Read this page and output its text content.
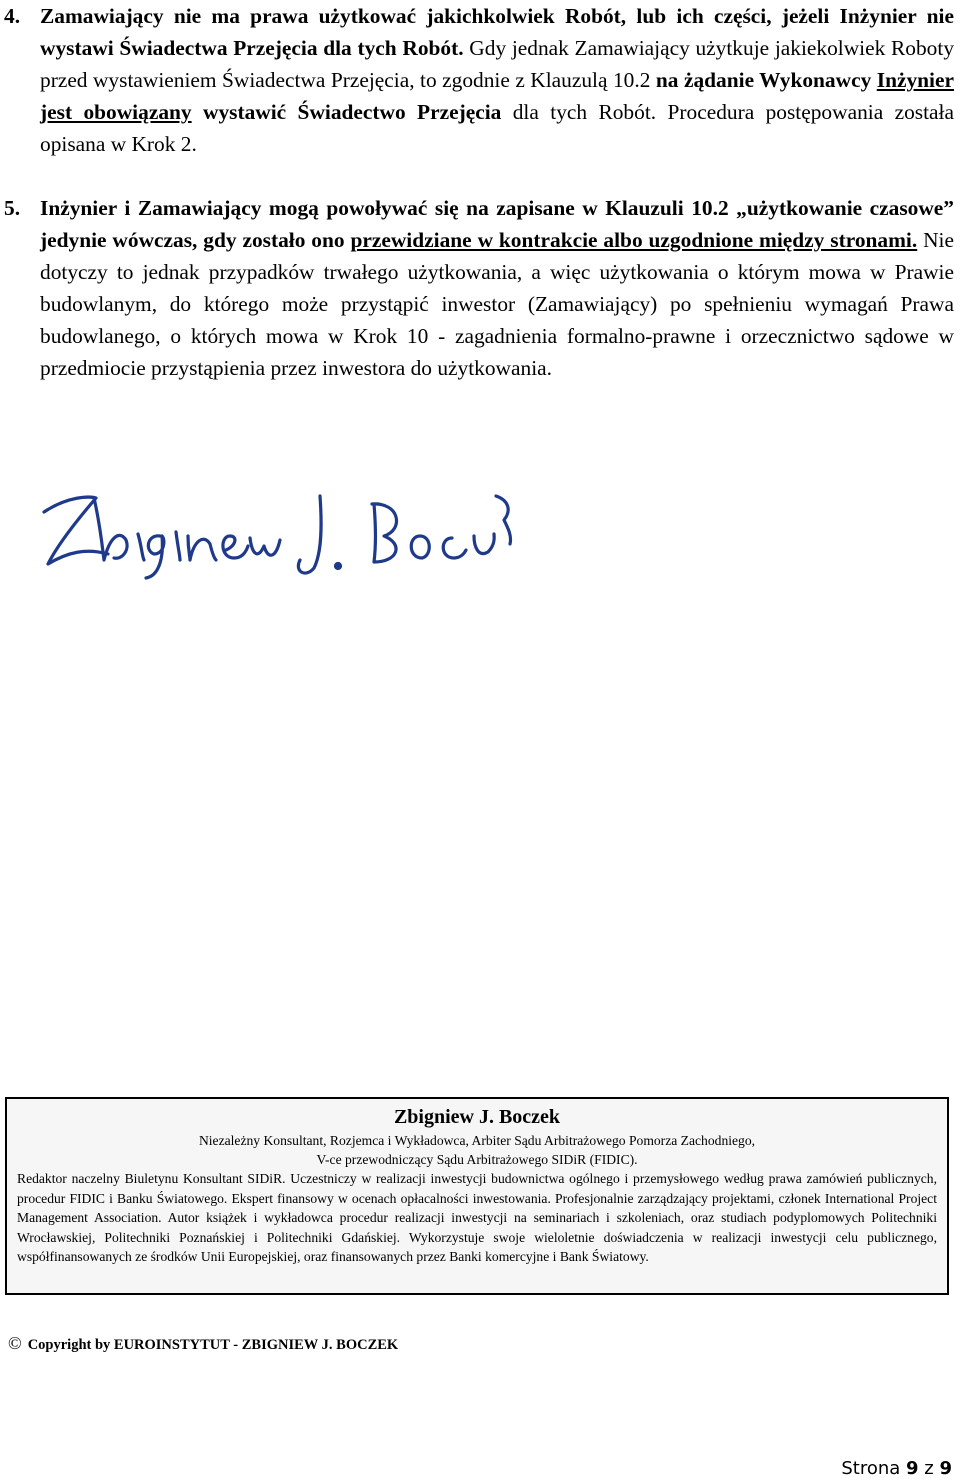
4. Zamawiający nie ma prawa użytkować jakichkolwiek Robót, lub ich części, jeżeli Inżynier nie wystawi Świadectwa Przejęcia dla tych Robót. Gdy jednak Zamawiający użytkuje jakiekolwiek Roboty przed wystawieniem Świadectwa Przejęcia, to zgodnie z Klauzulą 10.2 na żądanie Wykonawcy Inżynier jest obowiązany wystawić Świadectwo Przejęcia dla tych Robót. Procedura postępowania została opisana w Krok 2.
5. Inżynier i Zamawiający mogą powoływać się na zapisane w Klauzuli 10.2 „użytkowanie czasowe” jedynie wówczas, gdy zostało ono przewidziane w kontrakcie albo uzgodnione między stronami. Nie dotyczy to jednak przypadków trwałego użytkowania, a więc użytkowania o którym mowa w Prawie budowlanym, do którego może przystąpić inwestor (Zamawiający) po spełnieniu wymagań Prawa budowlanego, o których mowa w Krok 10 - zagadnienia formalno-prawne i orzecznictwo sądowe w przedmiocie przystąpienia przez inwestora do użytkowania.
Zbigniew J. Boczek
Niezależny Konsultant, Rozjemca i Wykładowca, Arbiter Sądu Arbitrażowego Pomorza Zachodniego,
V-ce przewodniczący Sądu Arbitrażowego SIDiR (FIDIC).
Redaktor naczelny Biuletynu Konsultant SIDiR. Uczestniczy w realizacji inwestycji budownictwa ogólnego i przemysłowego według prawa zamówień publicznych, procedur FIDIC i Banku Światowego. Ekspert finansowy w ocenach opłacalności inwestowania. Profesjonalnie zarządzający projektami, członek International Project Management Association. Autor książek i wykładowca procedur realizacji inwestycji na seminariach i szkoleniach, oraz studiach podyplomowych Politechniki Wrocławskiej, Politechniki Poznańskiej i Politechniki Gdańskiej. Wykorzystuje swoje wieloletnie doświadczenia w realizacji inwestycji celu publicznego, współfinansowanych ze środków Unii Europejskiej, oraz finansowanych przez Banki komercyjne i Bank Światowy.
© Copyright by EUROINSTYTUT - ZBIGNIEW J. BOCZEK
Strona 9 z 9
